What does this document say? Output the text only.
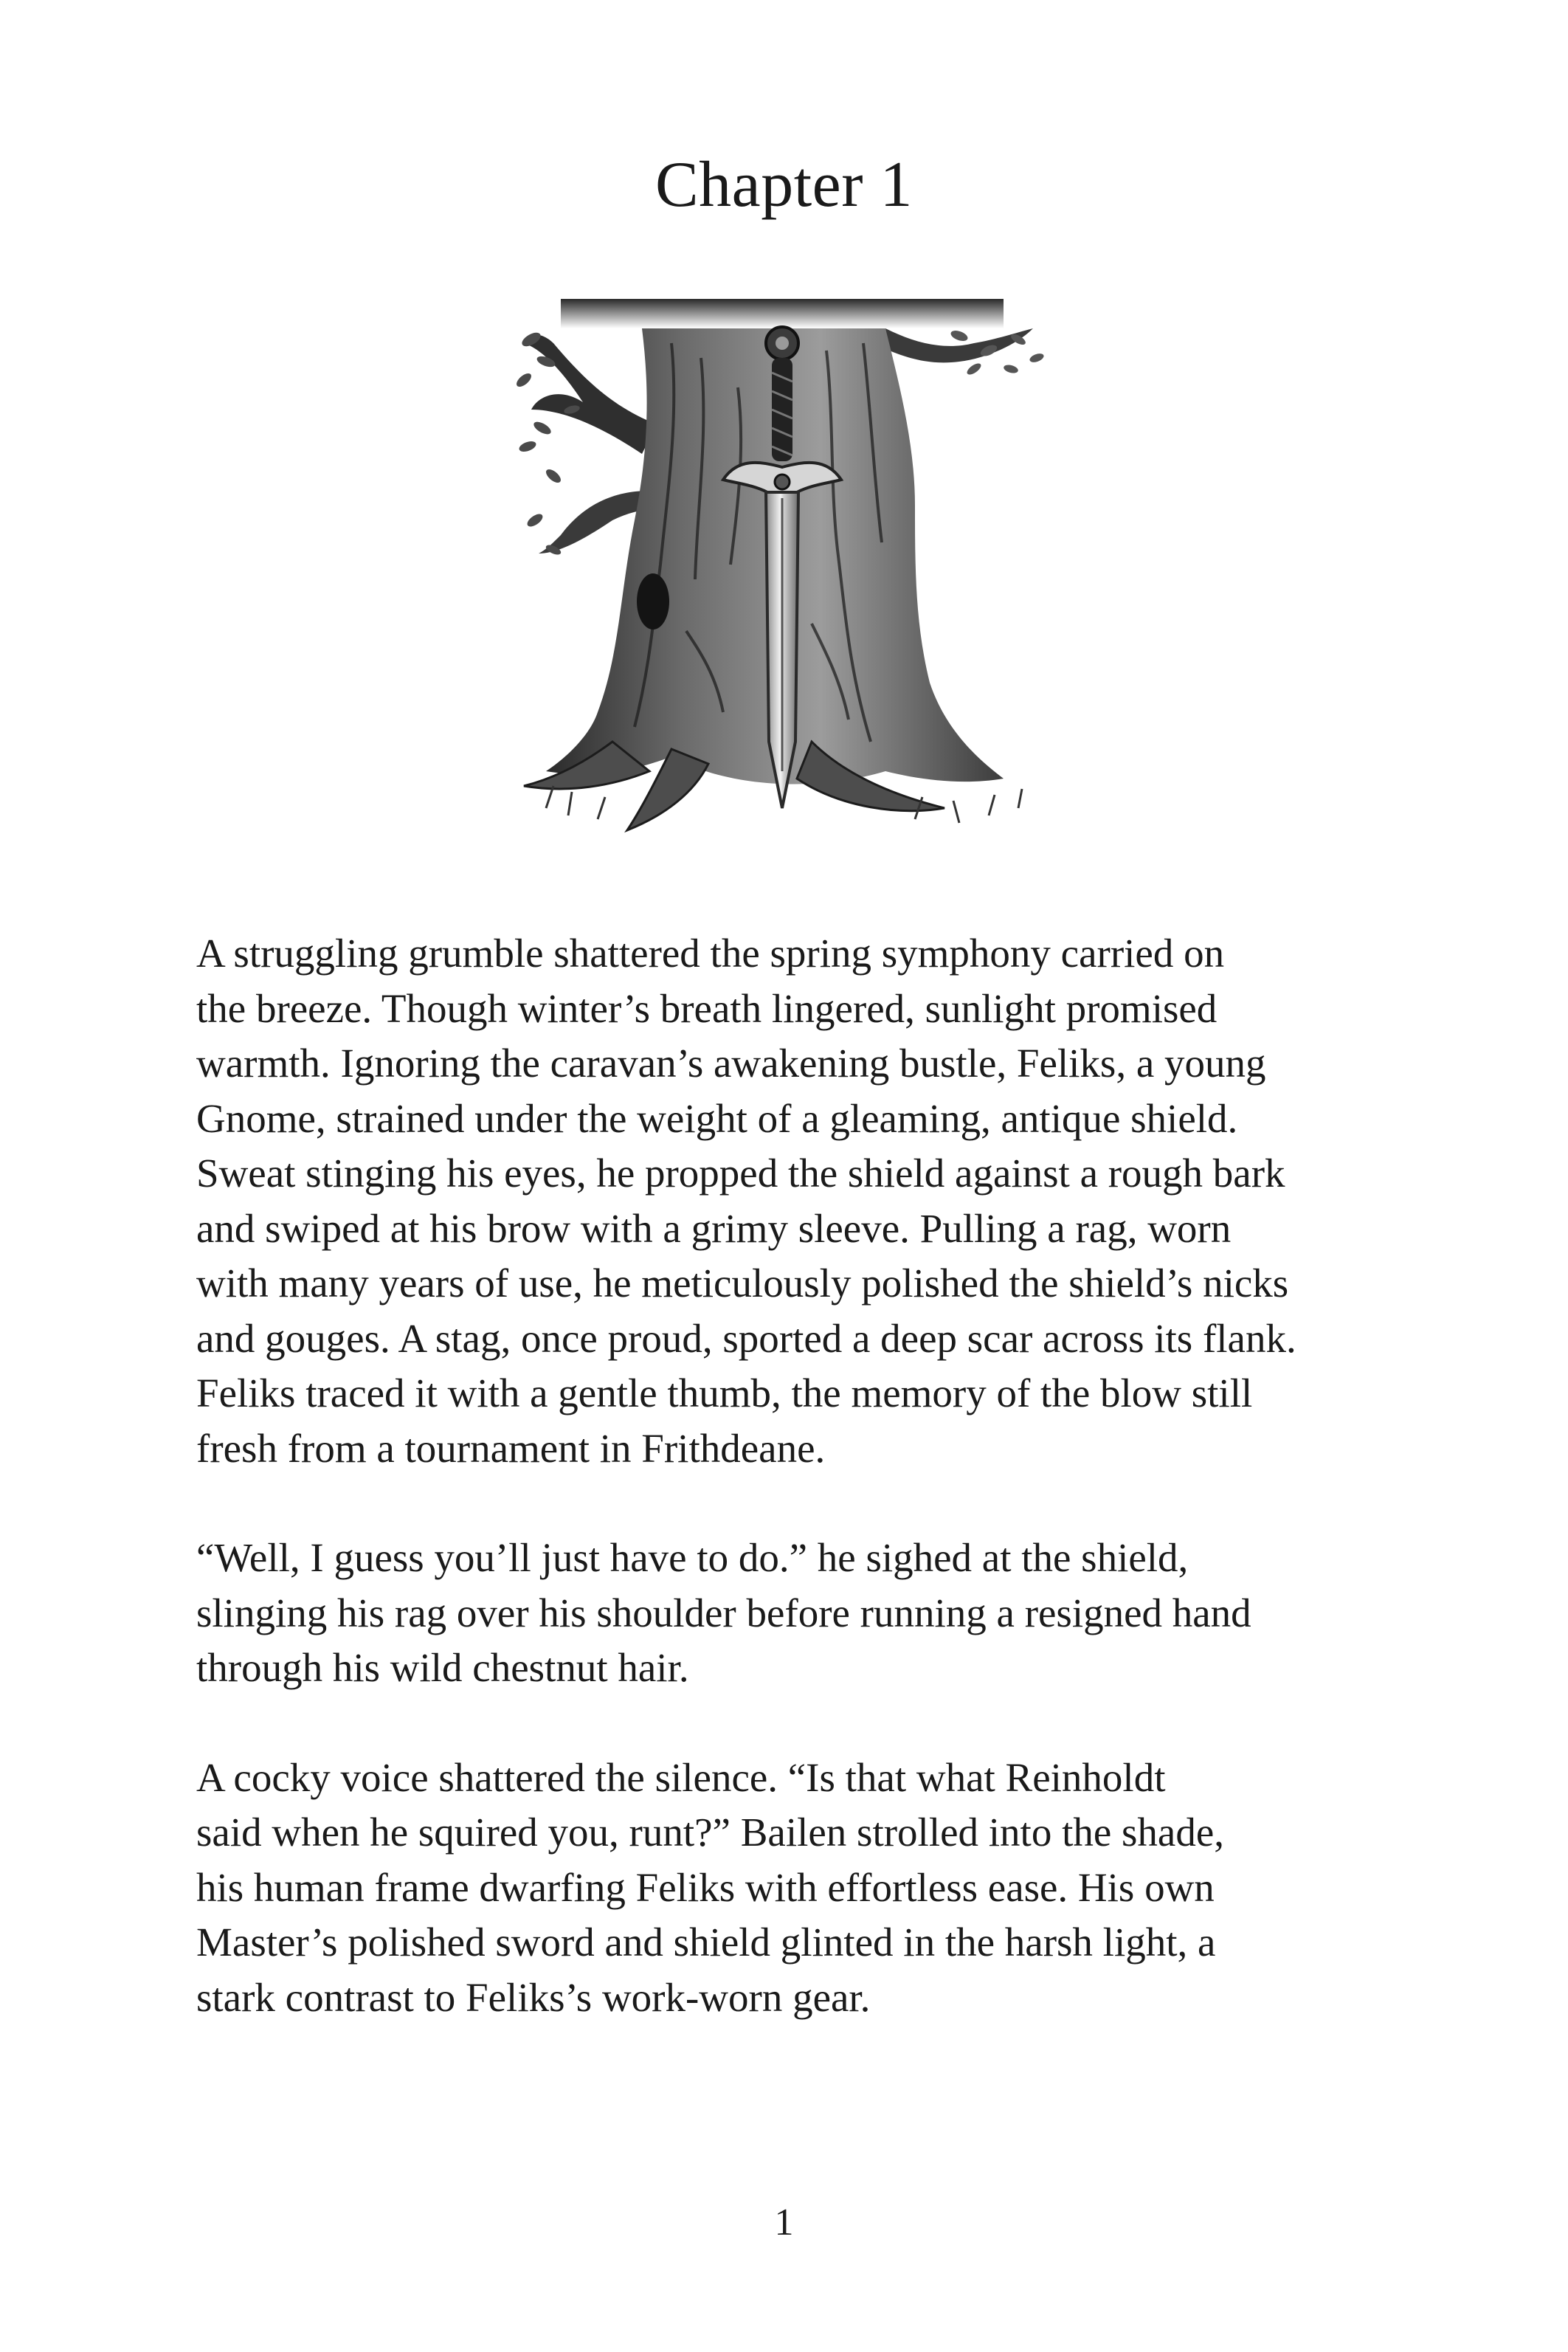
Chapter 1

A struggling grumble shattered the spring symphony carried on
the breeze. Though winter’s breath lingered, sunlight promised
warmth. Ignoring the caravan’s awakening bustle, Feliks, a young
Gnome, strained under the weight of a gleaming, antique shield.
Sweat stinging his eyes, he propped the shield against a rough bark
and swiped at his brow with a grimy sleeve. Pulling a rag, worn
with many years of use, he meticulously polished the shield’s nicks
and gouges. A stag, once proud, sported a deep scar across its flank.
Feliks traced it with a gentle thumb, the memory of the blow still
fresh from a tournament in Frithdeane.

“Well, I guess you’ll just have to do.” he sighed at the shield,
slinging his rag over his shoulder before running a resigned hand
through his wild chestnut hair.

A cocky voice shattered the silence. “Is that what Reinholdt
said when he squired you, runt?” Bailen strolled into the shade,
his human frame dwarfing Feliks with effortless ease. His own
Master’s polished sword and shield glinted in the harsh light, a
stark contrast to Feliks’s work-worn gear.

1
